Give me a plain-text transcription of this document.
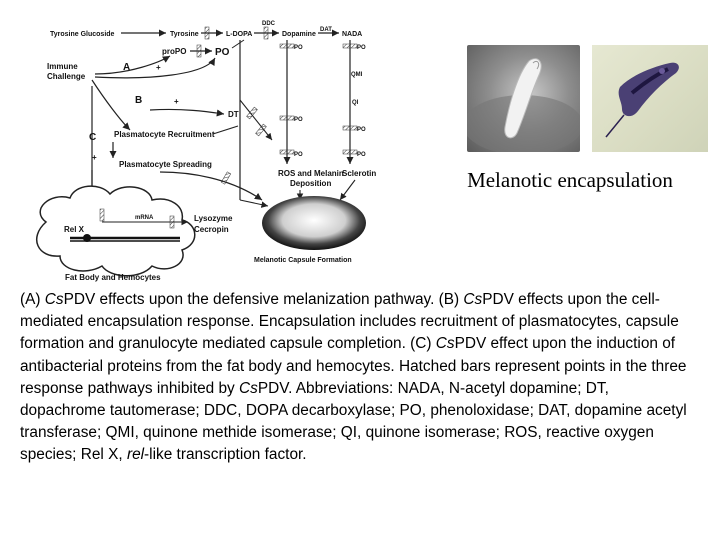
Tyrosine Glucoside	Tyrosine	L-DOPA
DDC
Dopamine
DAT
NADA
proPO	PO	PO	PO
PO
PO
PO	PO
QMI
QI
DT
Immune Challenge
A	+
B	+
C
+
Plasmatocyte Recruitment
Plasmatocyte Spreading
ROS and Melanin Deposition
Sclerotin
Melanotic Capsule Formation
Rel X
mRNA	Lysozyme Cecropin
Fat Body and Hemocytes
Melanotic encapsulation
(A) CsPDV effects upon the defensive melanization pathway. (B) CsPDV effects upon the cell-mediated encapsulation response. Encapsulation includes recruitment of plasmatocytes, capsule formation and granulocyte mediated capsule completion. (C) CsPDV effect upon the induction of antibacterial proteins from the fat body and hemocytes. Hatched bars represent points in the three response pathways inhibited by CsPDV. Abbreviations: NADA, N-acetyl dopamine; DT, dopachrome tautomerase; DDC, DOPA decarboxylase; PO, phenoloxidase; DAT, dopamine acetyl transferase; QMI, quinone methide isomerase; QI, quinone isomerase; ROS, reactive oxygen species; Rel X, rel-like transcription factor.
